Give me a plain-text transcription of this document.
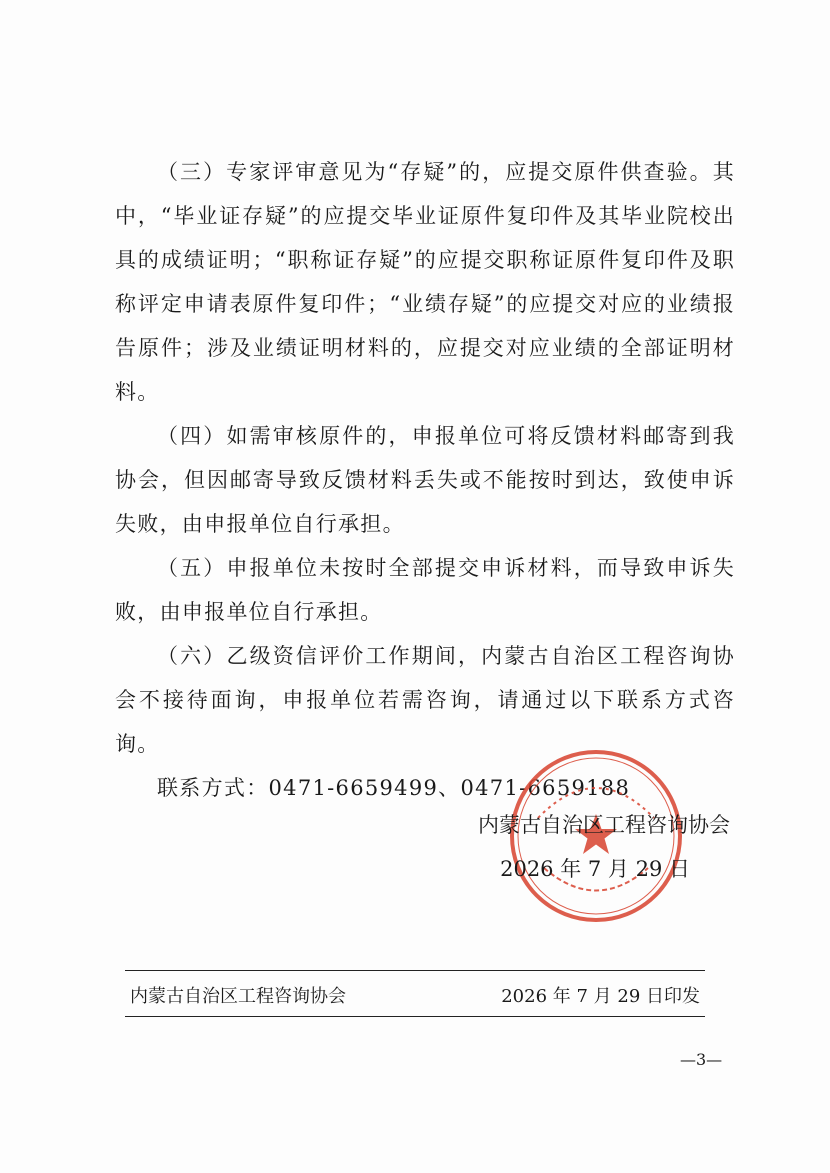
（三）专家评审意见为“存疑”的，应提交原件供查验。其中，“毕业证存疑”的应提交毕业证原件复印件及其毕业院校出具的成绩证明；“职称证存疑”的应提交职称证原件复印件及职称评定申请表原件复印件；“业绩存疑”的应提交对应的业绩报告原件；涉及业绩证明材料的，应提交对应业绩的全部证明材料。

（四）如需审核原件的，申报单位可将反馈材料邮寄到我协会，但因邮寄导致反馈材料丢失或不能按时到达，致使申诉失败，由申报单位自行承担。

（五）申报单位未按时全部提交申诉材料，而导致申诉失败，由申报单位自行承担。

（六）乙级资信评价工作期间，内蒙古自治区工程咨询协会不接待面询，申报单位若需咨询，请通过以下联系方式咨询。

联系方式：0471-6659499、0471-6659188

内蒙古自治区工程咨询协会
2026 年 7 月 29 日
内蒙古自治区工程咨询协会	2026 年 7 月 29 日印发
—3—
